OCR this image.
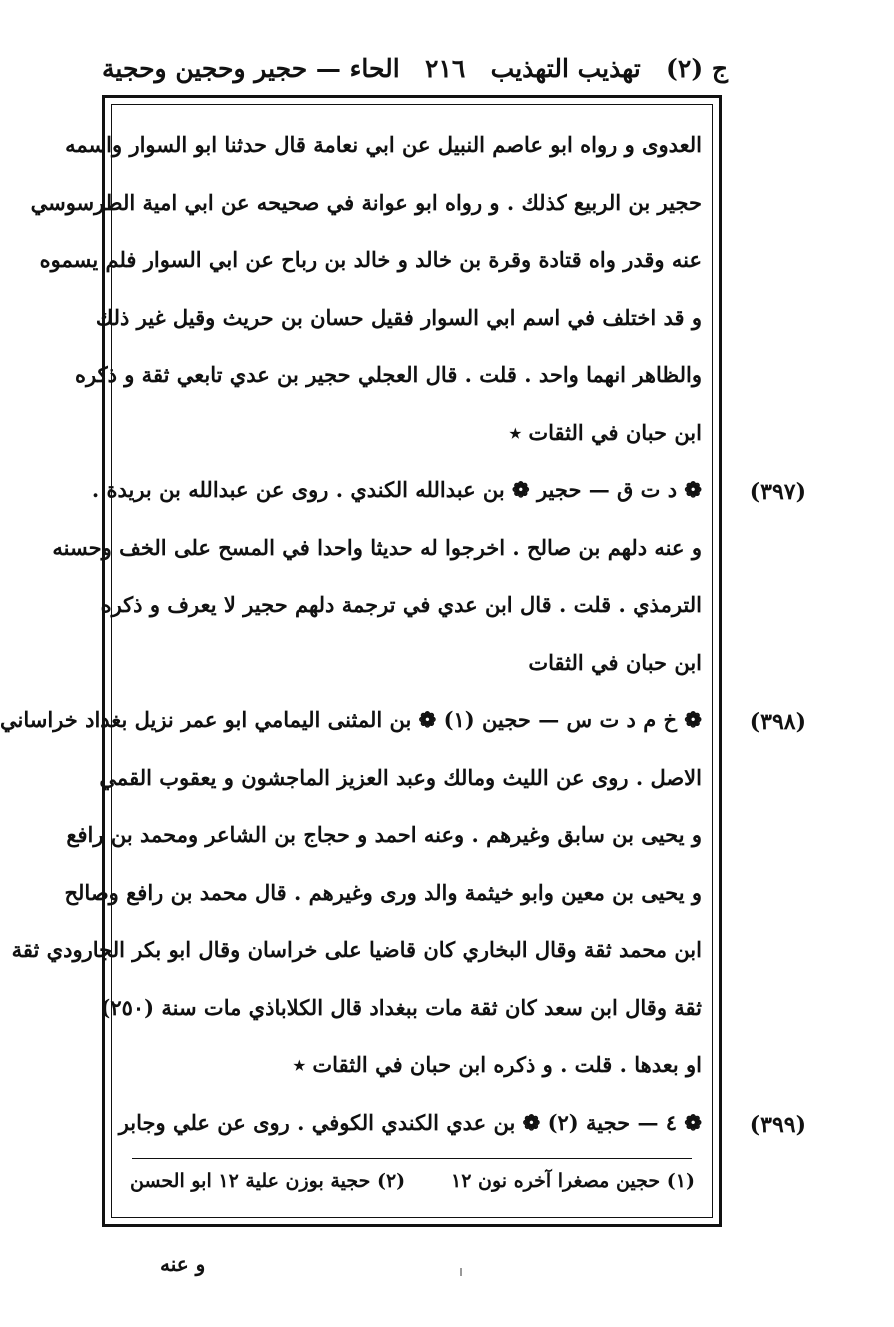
ج (٢)
تهذيب التهذيب
٢١٦
الحاء — حجير وحجين وحجية
العدوى و رواه ابو عاصم النبيل عن ابي نعامة قال حدثنا ابو السوار واسمه
حجير بن الربيع كذلك . و رواه ابو عوانة في صحيحه عن ابي امية الطرسوسي
عنه وقدر واه قتادة وقرة بن خالد و خالد بن رباح عن ابي السوار فلم يسموه
و قد اختلف في اسم ابي السوار فقيل حسان بن حريث وقيل غير ذلك
والظاهر انهما واحد . قلت . قال العجلي حجير بن عدي تابعي ثقة و ذكره
ابن حبان في الثقات ٭
❁ د ت ق — حجير ❁ بن عبدالله الكندي . روى عن عبدالله بن بريدة .
و عنه دلهم بن صالح . اخرجوا له حديثا واحدا في المسح على الخف وحسنه
الترمذي . قلت . قال ابن عدي في ترجمة دلهم حجير لا يعرف و ذكره
ابن حبان في الثقات
❁ خ م د ت س — حجين (١) ❁ بن المثنى اليمامي ابو عمر نزيل بغداد خراساني
الاصل . روى عن الليث ومالك وعبد العزيز الماجشون و يعقوب القمي
و يحيى بن سابق وغيرهم . وعنه احمد و حجاج بن الشاعر ومحمد بن رافع
و يحيى بن معين وابو خيثمة والد ورى وغيرهم . قال محمد بن رافع وصالح
ابن محمد ثقة وقال البخاري كان قاضيا على خراسان وقال ابو بكر الجارودي ثقة
ثقة وقال ابن سعد كان ثقة مات ببغداد قال الكلاباذي مات سنة (٢٥٠)
او بعدها . قلت . و ذكره ابن حبان في الثقات ٭
❁ ٤ — حجية (٢) ❁ بن عدي الكندي الكوفي . روى عن علي وجابر
(٣٩٧)
(٣٩٨)
(٣٩٩)
(١) حجين مصغرا آخره نون ١٢
(٢) حجية بوزن علية ١٢ ابو الحسن
و عنه
